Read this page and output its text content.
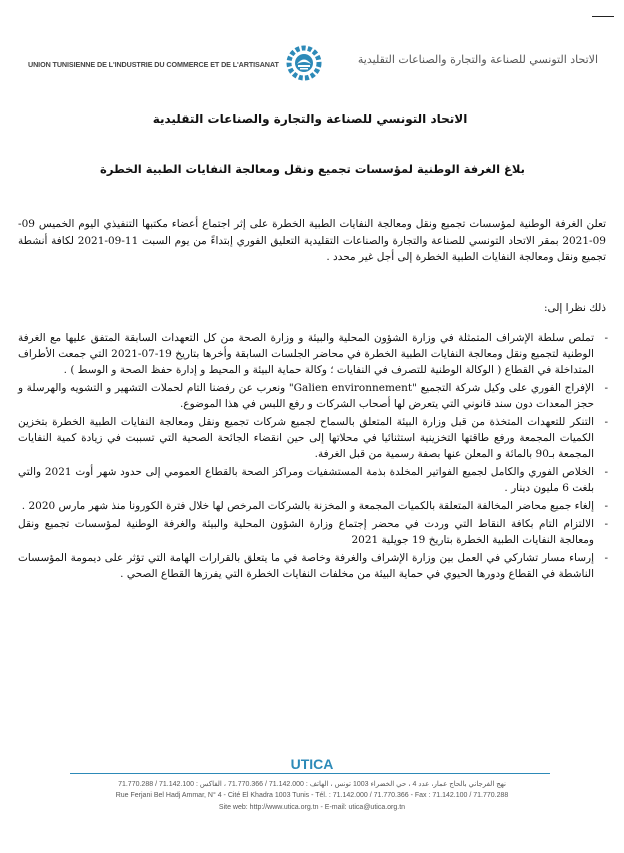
UNION TUNISIENNE DE L'INDUSTRIE DU COMMERCE ET DE L'ARTISANAT	الاتحاد التونسي للصناعة والتجارة والصناعات التقليدية
الاتحاد التونسي للصناعة والتجارة والصناعات التقليدية
بلاغ الغرفة الوطنية لمؤسسات تجميع ونقل ومعالجة النفايات الطبية الخطرة
تعلن الغرفة الوطنية لمؤسسات تجميع ونقل ومعالجة النفايات الطبية الخطرة على إثر اجتماع أعضاء مكتبها التنفيذي اليوم الخميس 09-09-2021 بمقر الاتحاد التونسي للصناعة والتجارة والصناعات التقليدية التعليق الفوري إبتداءً من يوم السبت 11-09-2021 لكافة أنشطة تجميع ونقل ومعالجة النفايات الطبية الخطرة إلى أجل غير محدد .
ذلك نظرا إلى:
-
تملص سلطة الإشراف المتمثلة في وزارة الشؤون المحلية والبيئة و وزارة الصحة من كل التعهدات السابقة المتفق عليها مع الغرفة الوطنية لتجميع ونقل ومعالجة النفايات الطبية الخطرة في محاضر الجلسات السابقة وأخرها بتاريخ 19-07-2021 التي جمعت الأطراف المتداخلة في القطاع ( الوكالة الوطنية للتصرف في النفايات ؛ وكالة حماية البيئة و المحيط و إدارة حفظ الصحة و الوسط ) .
-
الإفراج الفوري على وكيل شركة التجميع "Galien environnement" ونعرب عن رفضنا التام لحملات التشهير و التشويه والهرسلة و حجز المعدات دون سند قانوني التي يتعرض لها أصحاب الشركات و رفع اللبس في هذا الموضوع.
-
التنكر للتعهدات المتخذة من قبل وزارة البيئة المتعلق بالسماح لجميع شركات تجميع ونقل ومعالجة النفايات الطبية الخطرة بتخزين الكميات المجمعة ورفع طاقتها التخزينية استثنائيا في محلاتها إلى حين انقضاء الجائحة الصحية التي تسببت في زيادة كمية النفايات المجمعة بـ90 بالمائة و المعلن عنها بصفة رسمية من قبل الغرفة.
-
الخلاص الفوري والكامل لجميع الفواتير المخلدة بذمة المستشفيات ومراكز الصحة بالقطاع العمومي إلى حدود شهر أوت 2021 والتي بلغت 6 مليون دينار .
-
إلغاء جميع محاضر المخالفة المتعلقة بالكميات المجمعة و المخزنة بالشركات المرخص لها خلال فترة الكورونا منذ شهر مارس 2020 .
-
الالتزام التام بكافة النقاط التي وردت في محضر إجتماع وزارة الشؤون المحلية والبيئة والغرفة الوطنية لمؤسسات تجميع ونقل ومعالجة النفايات الطبية الخطرة بتاريخ 19 جويلية 2021
-
إرساء مسار تشاركي في العمل بين وزارة الإشراف والغرفة وخاصة في ما يتعلق بالقرارات الهامة التي تؤثر على ديمومة المؤسسات الناشطة في القطاع ودورها الحيوي في حماية البيئة من مخلفات النفايات الخطرة التي يفرزها القطاع الصحي .
UTICA
نهج الفرجاني بالحاج عمار، عدد 4 ، حي الخضراء 1003 تونس ، الهاتف : 71.142.000 / 71.770.366 ، الفاكس : 71.142.100 / 71.770.288
Rue Ferjani Bel Hadj Ammar, N° 4 - Cité El Khadra 1003 Tunis - Tél. : 71.142.000 / 71.770.366 - Fax : 71.142.100 / 71.770.288
Site web: http://www.utica.org.tn - E-mail: utica@utica.org.tn
